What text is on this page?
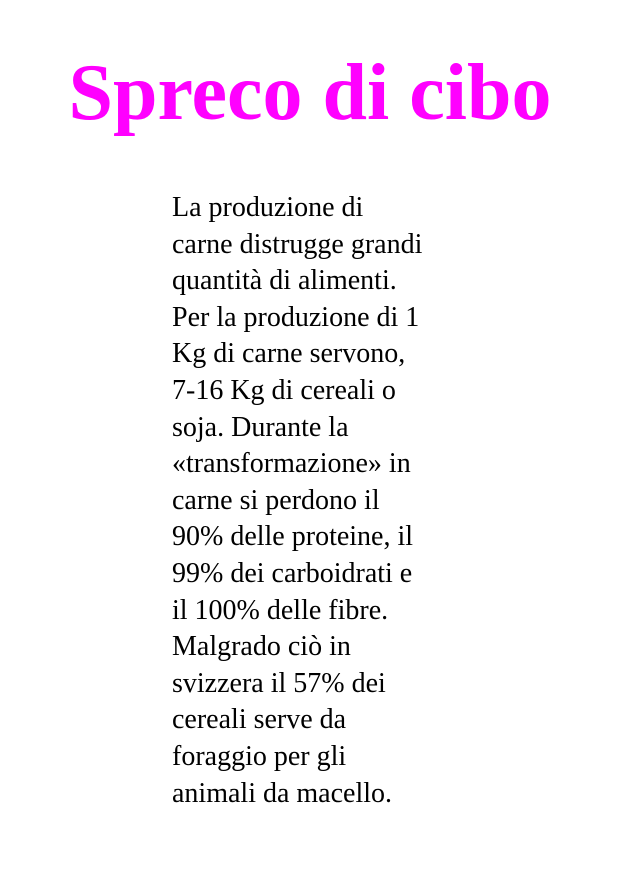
Spreco di cibo
La produzione di
carne distrugge grandi
quantità di alimenti.
Per la produzione di 1
Kg di carne servono,
7-16 Kg di cereali o
soja. Durante la
«transformazione» in
carne si perdono il
90% delle proteine, il
99% dei carboidrati e
il 100% delle fibre.
Malgrado ciò in
svizzera il 57% dei
cereali serve da
foraggio per gli
animali da macello.
